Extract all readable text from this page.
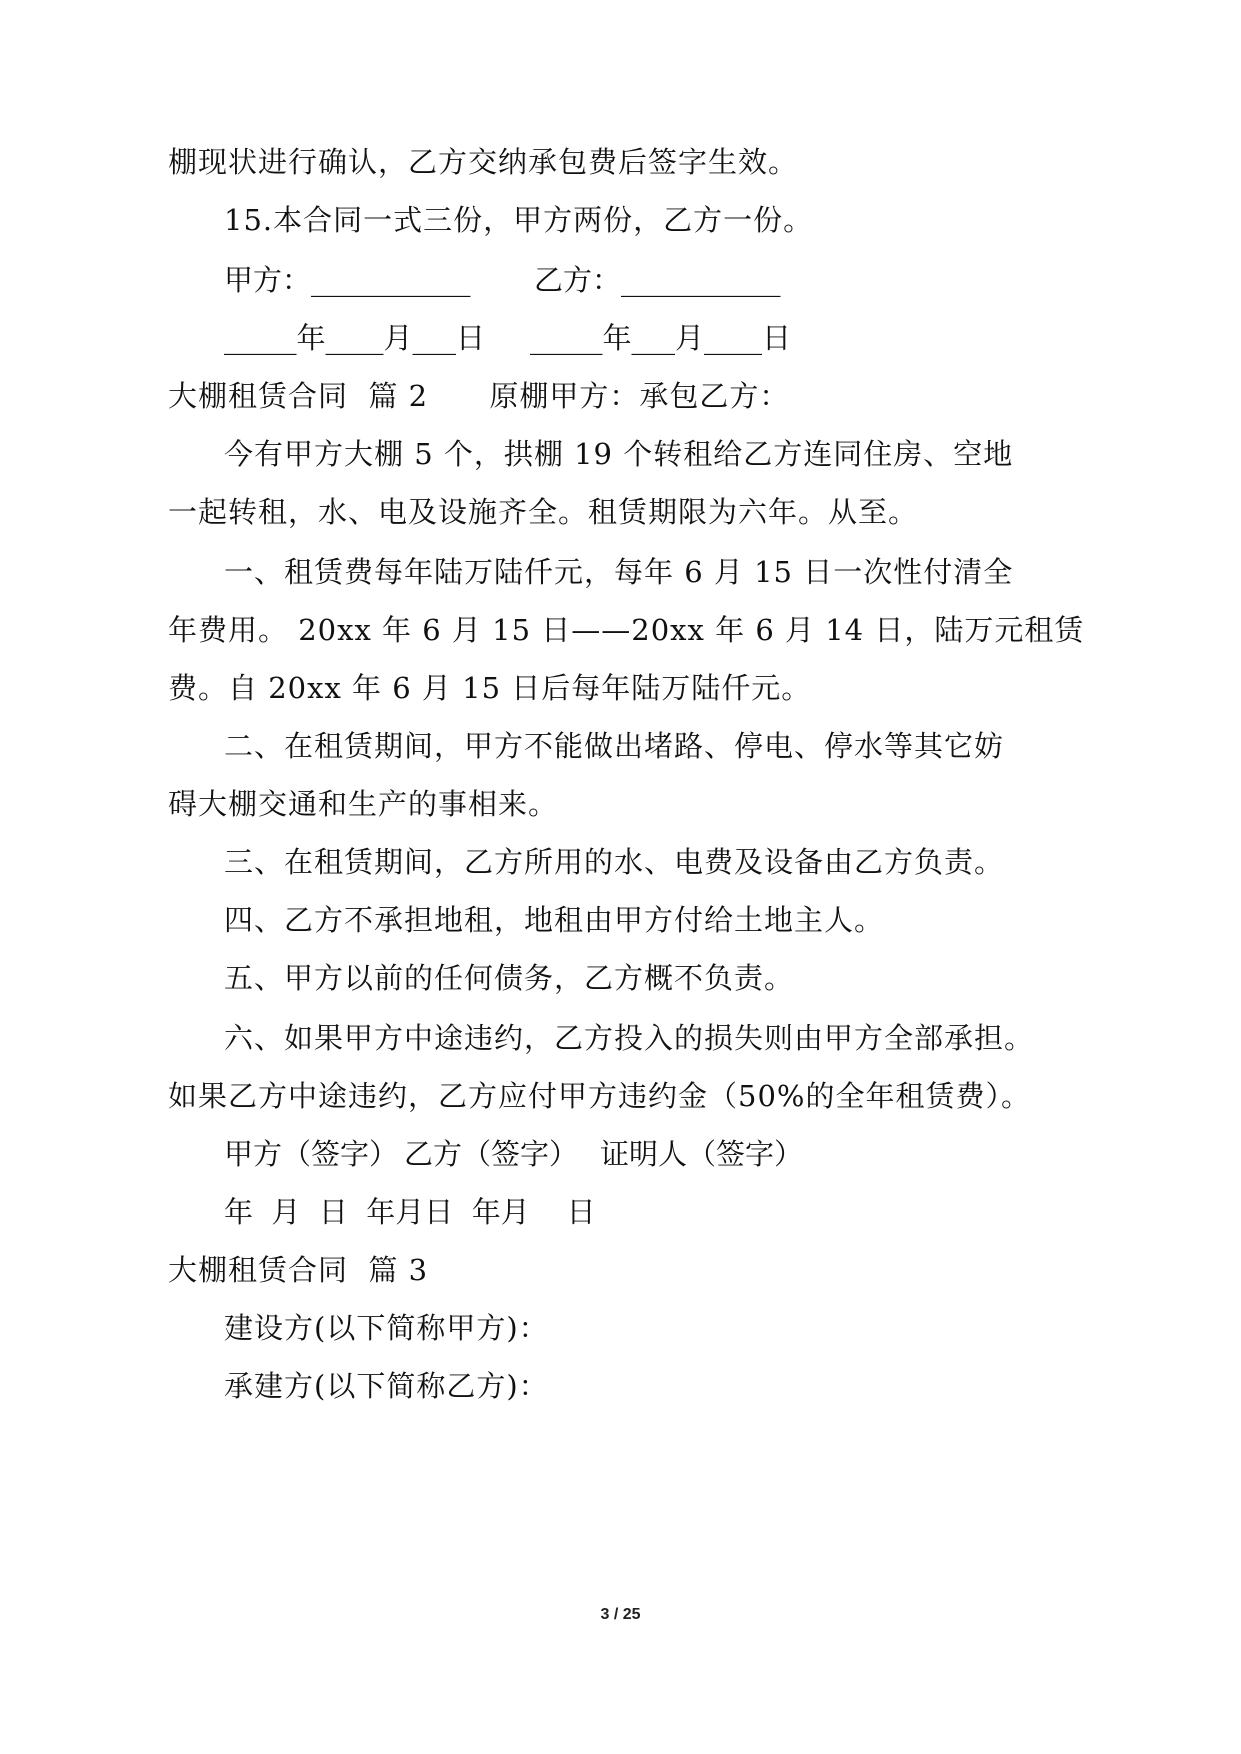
棚现状进行确认，乙方交纳承包费后签字生效。
15.本合同一式三份，甲方两份，乙方一份。
甲方：___________ 乙方：___________
_____年____月___日 _____年___月____日
大棚租赁合同  篇 2      原棚甲方：承包乙方：
今有甲方大棚 5 个，拱棚 19 个转租给乙方连同住房、空地
一起转租，水、电及设施齐全。租赁期限为六年。从至。
一、租赁费每年陆万陆仟元，每年 6 月 15 日一次性付清全
年费用。 20xx 年 6 月 15 日——20xx 年 6 月 14 日，陆万元租赁
费。自 20xx 年 6 月 15 日后每年陆万陆仟元。
二、在租赁期间，甲方不能做出堵路、停电、停水等其它妨
碍大棚交通和生产的事相来。
三、在租赁期间，乙方所用的水、电费及设备由乙方负责。
四、乙方不承担地租，地租由甲方付给土地主人。
五、甲方以前的任何债务，乙方概不负责。
六、如果甲方中途违约，乙方投入的损失则由甲方全部承担。
如果乙方中途违约，乙方应付甲方违约金（50%的全年租赁费）。
甲方（签字） 乙方（签字） 证明人（签字）
年  月  日  年月日  年月    日
大棚租赁合同  篇 3
建设方(以下简称甲方)：
承建方(以下简称乙方)：
3 / 25
